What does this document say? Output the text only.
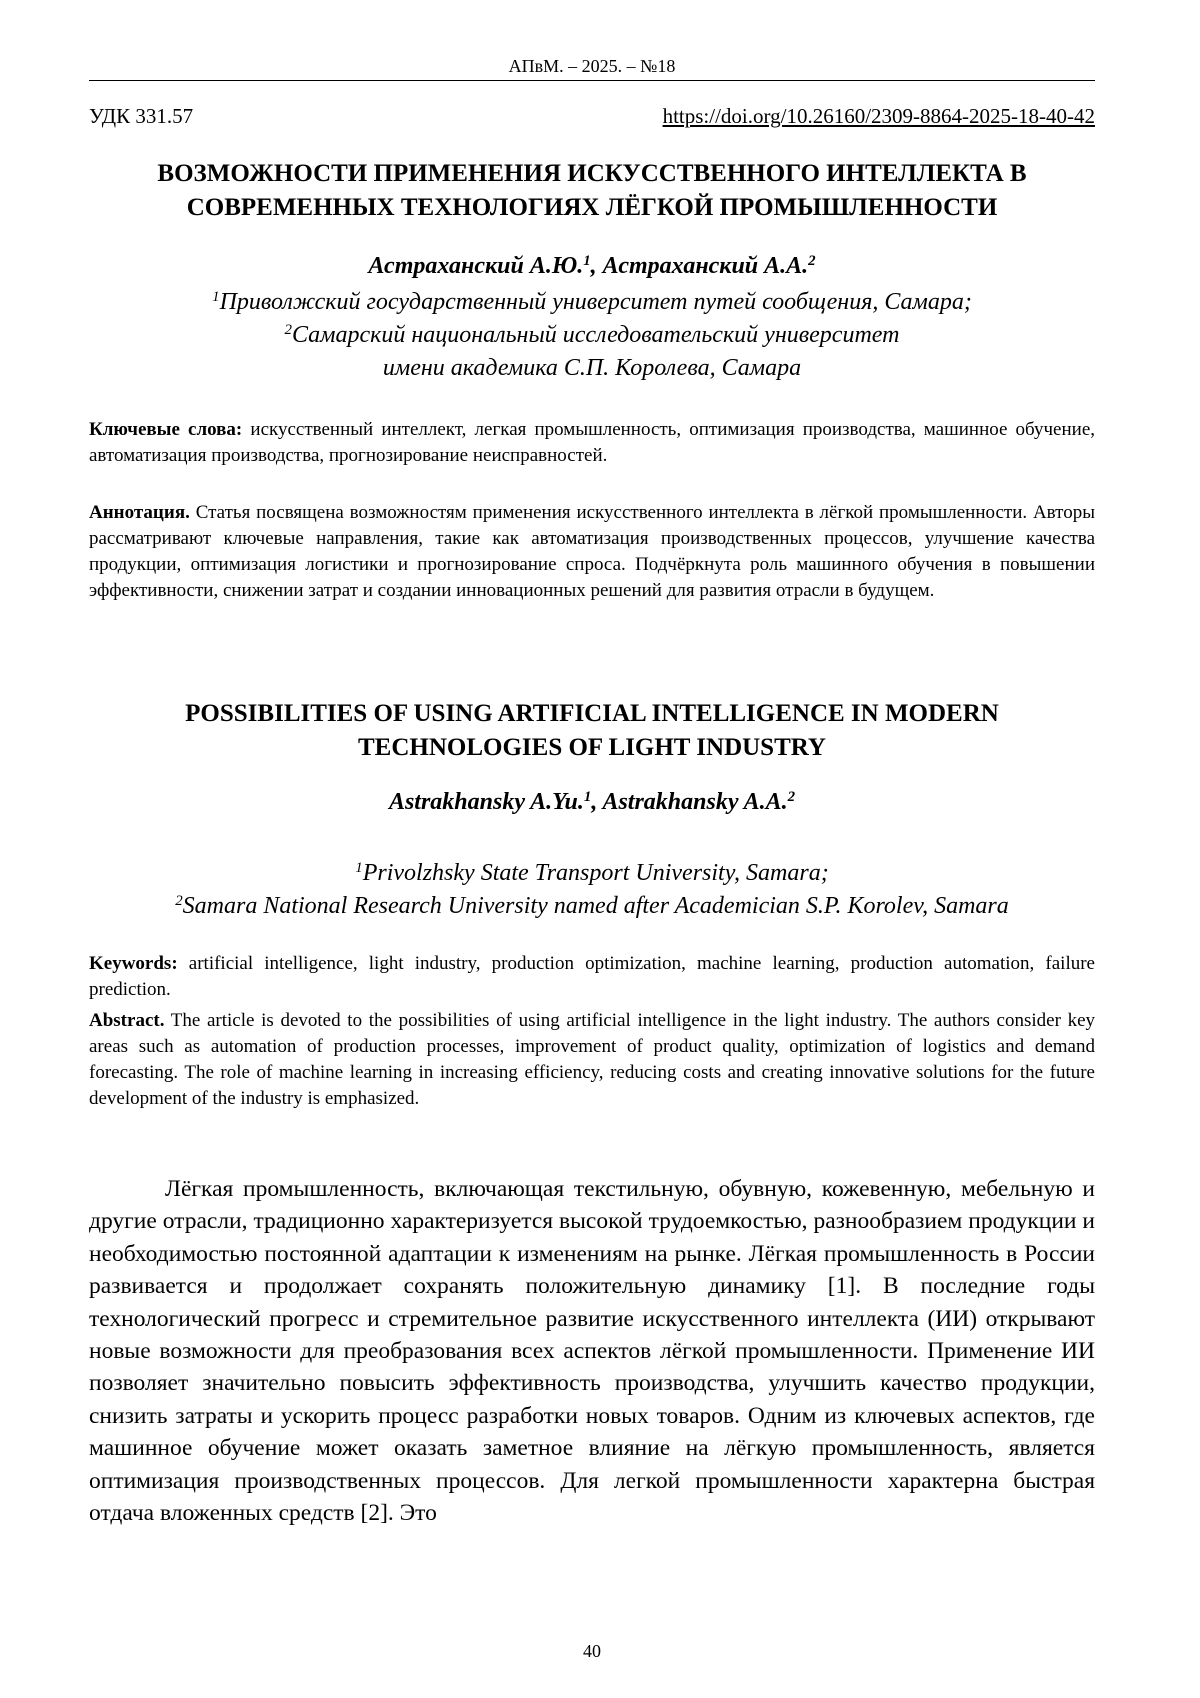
АПвМ. – 2025. – №18
УДК 331.57	https://doi.org/10.26160/2309-8864-2025-18-40-42
ВОЗМОЖНОСТИ ПРИМЕНЕНИЯ ИСКУССТВЕННОГО ИНТЕЛЛЕКТА В
СОВРЕМЕННЫХ ТЕХНОЛОГИЯХ ЛЁГКОЙ ПРОМЫШЛЕННОСТИ
Астраханский А.Ю.$^1$, Астраханский А.А.$^2$
$^1$Приволжский государственный университет путей сообщения, Самара;
$^2$Самарский национальный исследовательский университет
имени академика С.П. Королева, Самара
Ключевые слова: искусственный интеллект, легкая промышленность, оптимизация производства, машинное обучение, автоматизация производства, прогнозирование неисправностей.
Аннотация. Статья посвящена возможностям применения искусственного интеллекта в лёгкой промышленности. Авторы рассматривают ключевые направления, такие как автоматизация производственных процессов, улучшение качества продукции, оптимизация логистики и прогнозирование спроса. Подчёркнута роль машинного обучения в повышении эффективности, снижении затрат и создании инновационных решений для развития отрасли в будущем.
POSSIBILITIES OF USING ARTIFICIAL INTELLIGENCE IN MODERN
TECHNOLOGIES OF LIGHT INDUSTRY
Astrakhansky A.Yu.$^1$, Astrakhansky A.A.$^2$
$^1$Privolzhsky State Transport University, Samara;
$^2$Samara National Research University named after Academician S.P. Korolev, Samara
Keywords: artificial intelligence, light industry, production optimization, machine learning, production automation, failure prediction.
Abstract. The article is devoted to the possibilities of using artificial intelligence in the light industry. The authors consider key areas such as automation of production processes, improvement of product quality, optimization of logistics and demand forecasting. The role of machine learning in increasing efficiency, reducing costs and creating innovative solutions for the future development of the industry is emphasized.
Лёгкая промышленность, включающая текстильную, обувную, кожевенную, мебельную и другие отрасли, традиционно характеризуется высокой трудоемкостью, разнообразием продукции и необходимостью постоянной адаптации к изменениям на рынке. Лёгкая промышленность в России развивается и продолжает сохранять положительную динамику [1]. В последние годы технологический прогресс и стремительное развитие искусственного интеллекта (ИИ) открывают новые возможности для преобразования всех аспектов лёгкой промышленности. Применение ИИ позволяет значительно повысить эффективность производства, улучшить качество продукции, снизить затраты и ускорить процесс разработки новых товаров. Одним из ключевых аспектов, где машинное обучение может оказать заметное влияние на лёгкую промышленность, является оптимизация производственных процессов. Для легкой промышленности характерна быстрая отдача вложенных средств [2]. Это
40
